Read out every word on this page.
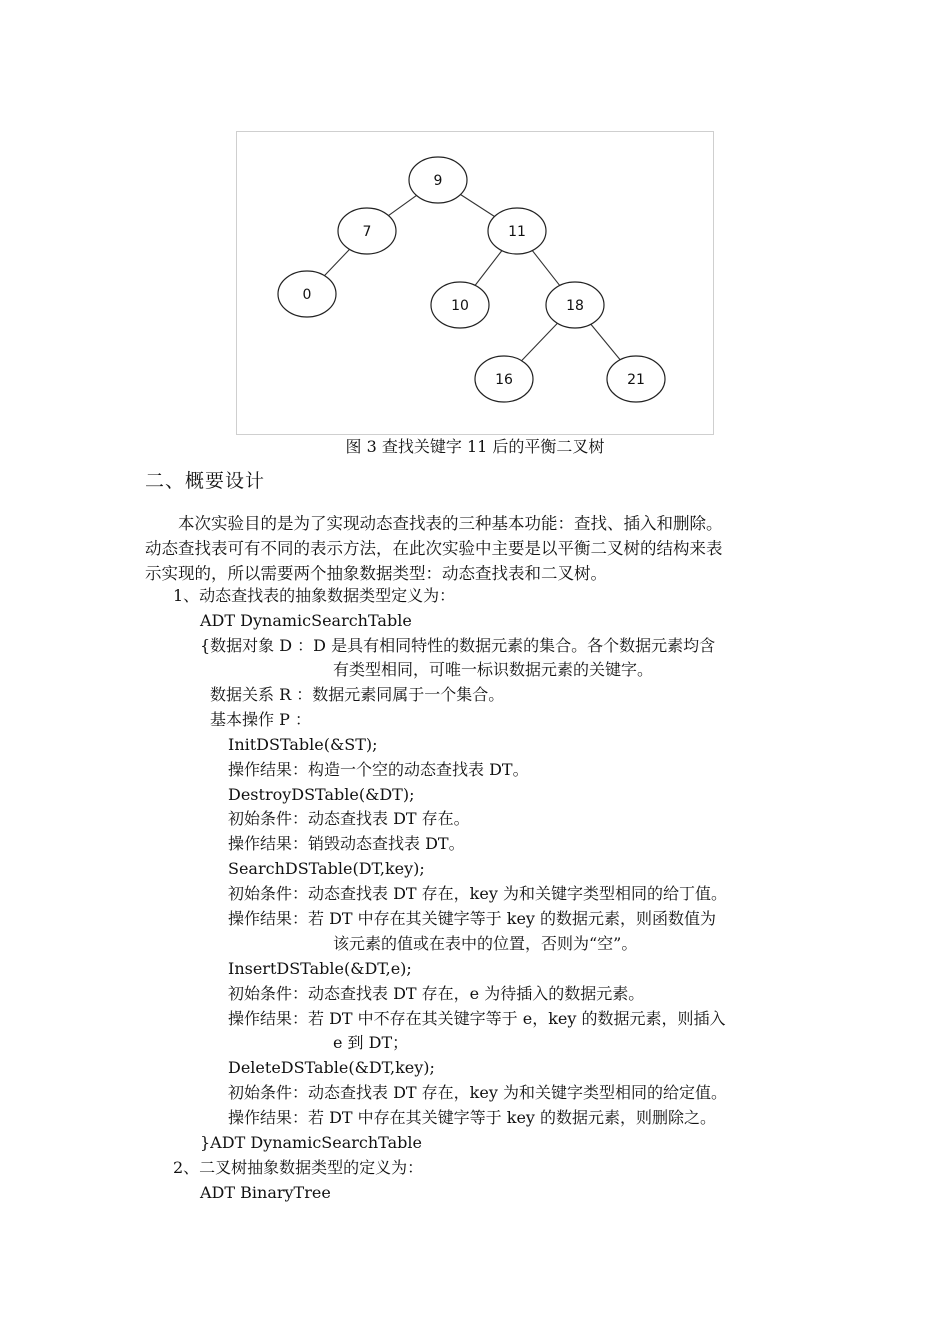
9
7	11
0
10	18
16	21
图 3 查找关键字 11 后的平衡二叉树
二、概要设计

本次实验目的是为了实现动态查找表的三种基本功能：查找、插入和删除。

动态查找表可有不同的表示方法，在此次实验中主要是以平衡二叉树的结构来表

示实现的，所以需要两个抽象数据类型：动态查找表和二叉树。

1、动态查找表的抽象数据类型定义为：
ADT DynamicSearchTable
{数据对象 D ：D 是具有相同特性的数据元素的集合。各个数据元素均含
有类型相同，可唯一标识数据元素的关键字。
数据关系 R ：数据元素同属于一个集合。
基本操作 P ：
InitDSTable(&ST);
操作结果：构造一个空的动态查找表 DT。
DestroyDSTable(&DT);
初始条件：动态查找表 DT 存在。
操作结果：销毁动态查找表 DT。
SearchDSTable(DT,key);
初始条件：动态查找表 DT 存在，key 为和关键字类型相同的给丁值。
操作结果：若 DT 中存在其关键字等于 key 的数据元素，则函数值为
该元素的值或在表中的位置，否则为“空”。
InsertDSTable(&DT,e);
初始条件：动态查找表 DT 存在，e 为待插入的数据元素。
操作结果：若 DT 中不存在其关键字等于 e，key 的数据元素，则插入
e 到 DT；
DeleteDSTable(&DT,key);
初始条件：动态查找表 DT 存在，key 为和关键字类型相同的给定值。
操作结果：若 DT 中存在其关键字等于 key 的数据元素，则删除之。
}ADT DynamicSearchTable
2、二叉树抽象数据类型的定义为：
ADT BinaryTree
